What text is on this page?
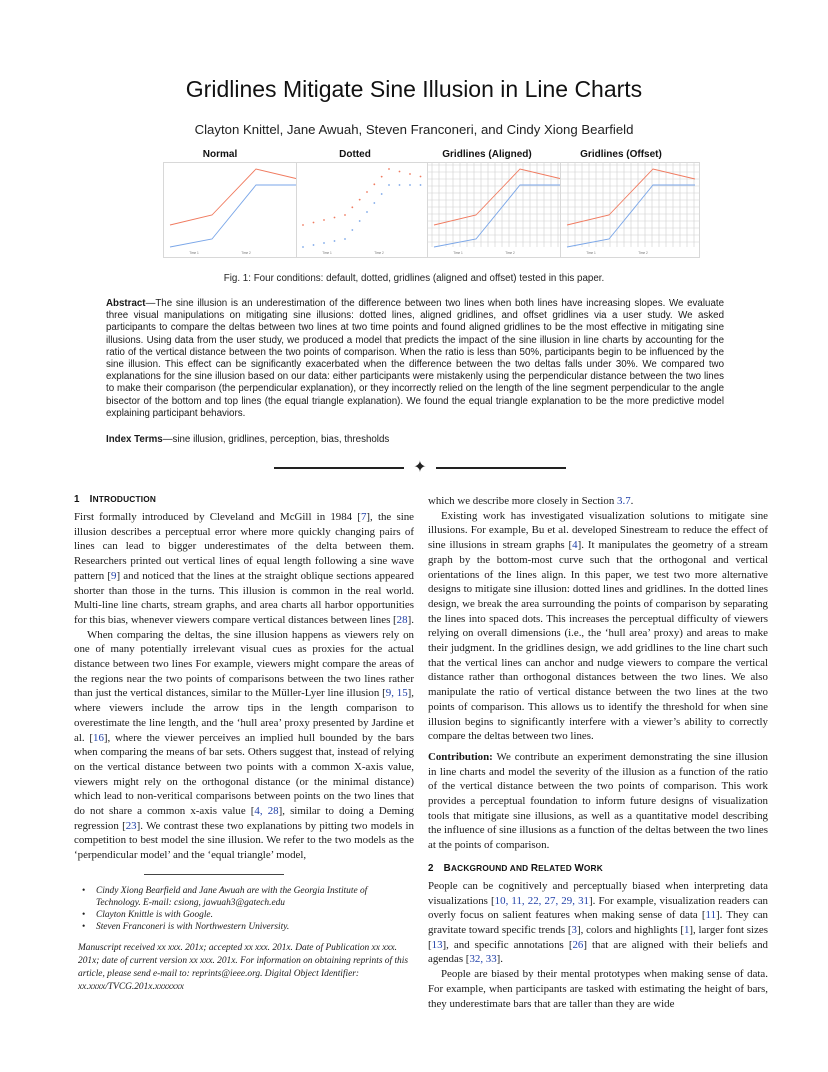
Gridlines Mitigate Sine Illusion in Line Charts
Clayton Knittel, Jane Awuah, Steven Franconeri, and Cindy Xiong Bearfield
Normal	Dotted	Gridlines (Aligned)	Gridlines (Offset)
Time 1	Time 2	Time 1	Time 2	Time 1	Time 2	Time 1	Time 2
Fig. 1: Four conditions: default, dotted, gridlines (aligned and offset) tested in this paper.

Abstract—The sine illusion is an underestimation of the difference between two lines when both lines have increasing slopes. We evaluate three visual manipulations on mitigating sine illusions: dotted lines, aligned gridlines, and offset gridlines via a user study. We asked participants to compare the deltas between two lines at two time points and found aligned gridlines to be the most effective in mitigating sine illusions. Using data from the user study, we produced a model that predicts the impact of the sine illusion in line charts by accounting for the ratio of the vertical distance between the two points of comparison. When the ratio is less than 50%, participants begin to be influenced by the sine illusion. This effect can be significantly exacerbated when the difference between the two deltas falls under 30%. We compared two explanations for the sine illusion based on our data: either participants were mistakenly using the perpendicular distance between the two lines to make their comparison (the perpendicular explanation), or they incorrectly relied on the length of the line segment perpendicular to the angle bisector of the bottom and top lines (the equal triangle explanation). We found the equal triangle explanation to be the more predictive model explaining participant behaviors.

Index Terms—sine illusion, gridlines, perception, bias, thresholds
✦
1 INTRODUCTION

First formally introduced by Cleveland and McGill in 1984 [7], the sine illusion describes a perceptual error where more quickly changing pairs of lines can lead to bigger underestimates of the delta between them. Researchers printed out vertical lines of equal length following a sine wave pattern [9] and noticed that the lines at the straight oblique sections appeared shorter than those in the turns. This illusion is common in the real world. Multi-line line charts, stream graphs, and area charts all harbor opportunities for this bias, whenever viewers compare vertical distances between lines [28].

When comparing the deltas, the sine illusion happens as viewers rely on one of many potentially irrelevant visual cues as proxies for the actual distance between two lines For example, viewers might compare the areas of the regions near the two points of comparisons between the two lines rather than just the vertical distances, similar to the Müller-Lyer line illusion [9, 15], where viewers include the arrow tips in the length comparison to overestimate the line length, and the ‘hull area’ proxy presented by Jardine et al. [16], where the viewer perceives an implied hull bounded by the bars when comparing the means of bar sets. Others suggest that, instead of relying on the vertical distance between two points with a common X-axis value, viewers might rely on the orthogonal distance (or the minimal distance) which lead to non-veritical comparisons between points on the two lines that do not share a common x-axis value [4, 28], similar to doing a Deming regression [23]. We contrast these two explanations by pitting two models in competition to best model the sine illusion. We refer to the two models as the ‘perpendicular model’ and the ‘equal triangle’ model,

• Cindy Xiong Bearfield and Jane Awuah are with the Georgia Institute of Technology. E-mail: csiong, jawuah3@gatech.edu
• Clayton Knittle is with Google.
• Steven Franconeri is with Northwestern University.

Manuscript received xx xxx. 201x; accepted xx xxx. 201x. Date of Publication xx xxx. 201x; date of current version xx xxx. 201x. For information on obtaining reprints of this article, please send e-mail to: reprints@ieee.org. Digital Object Identifier: xx.xxxx/TVCG.201x.xxxxxxx

which we describe more closely in Section 3.7.

Existing work has investigated visualization solutions to mitigate sine illusions. For example, Bu et al. developed Sinestream to reduce the effect of sine illusions in stream graphs [4]. It manipulates the geometry of a stream graph by the bottom-most curve such that the orthogonal and vertical orientations of the lines align. In this paper, we test two more alternative designs to mitigate sine illusion: dotted lines and gridlines. In the dotted lines design, we break the area surrounding the points of comparison by separating the lines into spaced dots. This increases the perceptual difficulty of viewers relying on overall dimensions (i.e., the ‘hull area’ proxy) and areas to make their judgment. In the gridlines design, we add gridlines to the line chart such that the vertical lines can anchor and nudge viewers to compare the vertical distance rather than orthogonal distances between the two lines. We also manipulate the ratio of vertical distance between the two lines at the two points of comparison. This allows us to identify the threshold for when sine illusion begins to significantly interfere with a viewer’s ability to correctly compare the deltas between two lines.

Contribution: We contribute an experiment demonstrating the sine illusion in line charts and model the severity of the illusion as a function of the ratio of the vertical distance between the two points of comparison. This work provides a perceptual foundation to inform future designs of visualization tools that mitigate sine illusions, as well as a quantitative model describing the influence of sine illusions as a function of the deltas between the two lines at the points of comparison.

2 BACKGROUND AND RELATED WORK

People can be cognitively and perceptually biased when interpreting data visualizations [10, 11, 22, 27, 29, 31]. For example, visualization readers can overly focus on salient features when making sense of data [11]. They can gravitate toward specific trends [3], colors and highlights [1], larger font sizes [13], and specific annotations [26] that are aligned with their beliefs and agendas [32, 33].

People are biased by their mental prototypes when making sense of data. For example, when participants are tasked with estimating the height of bars, they underestimate bars that are taller than they are wide
